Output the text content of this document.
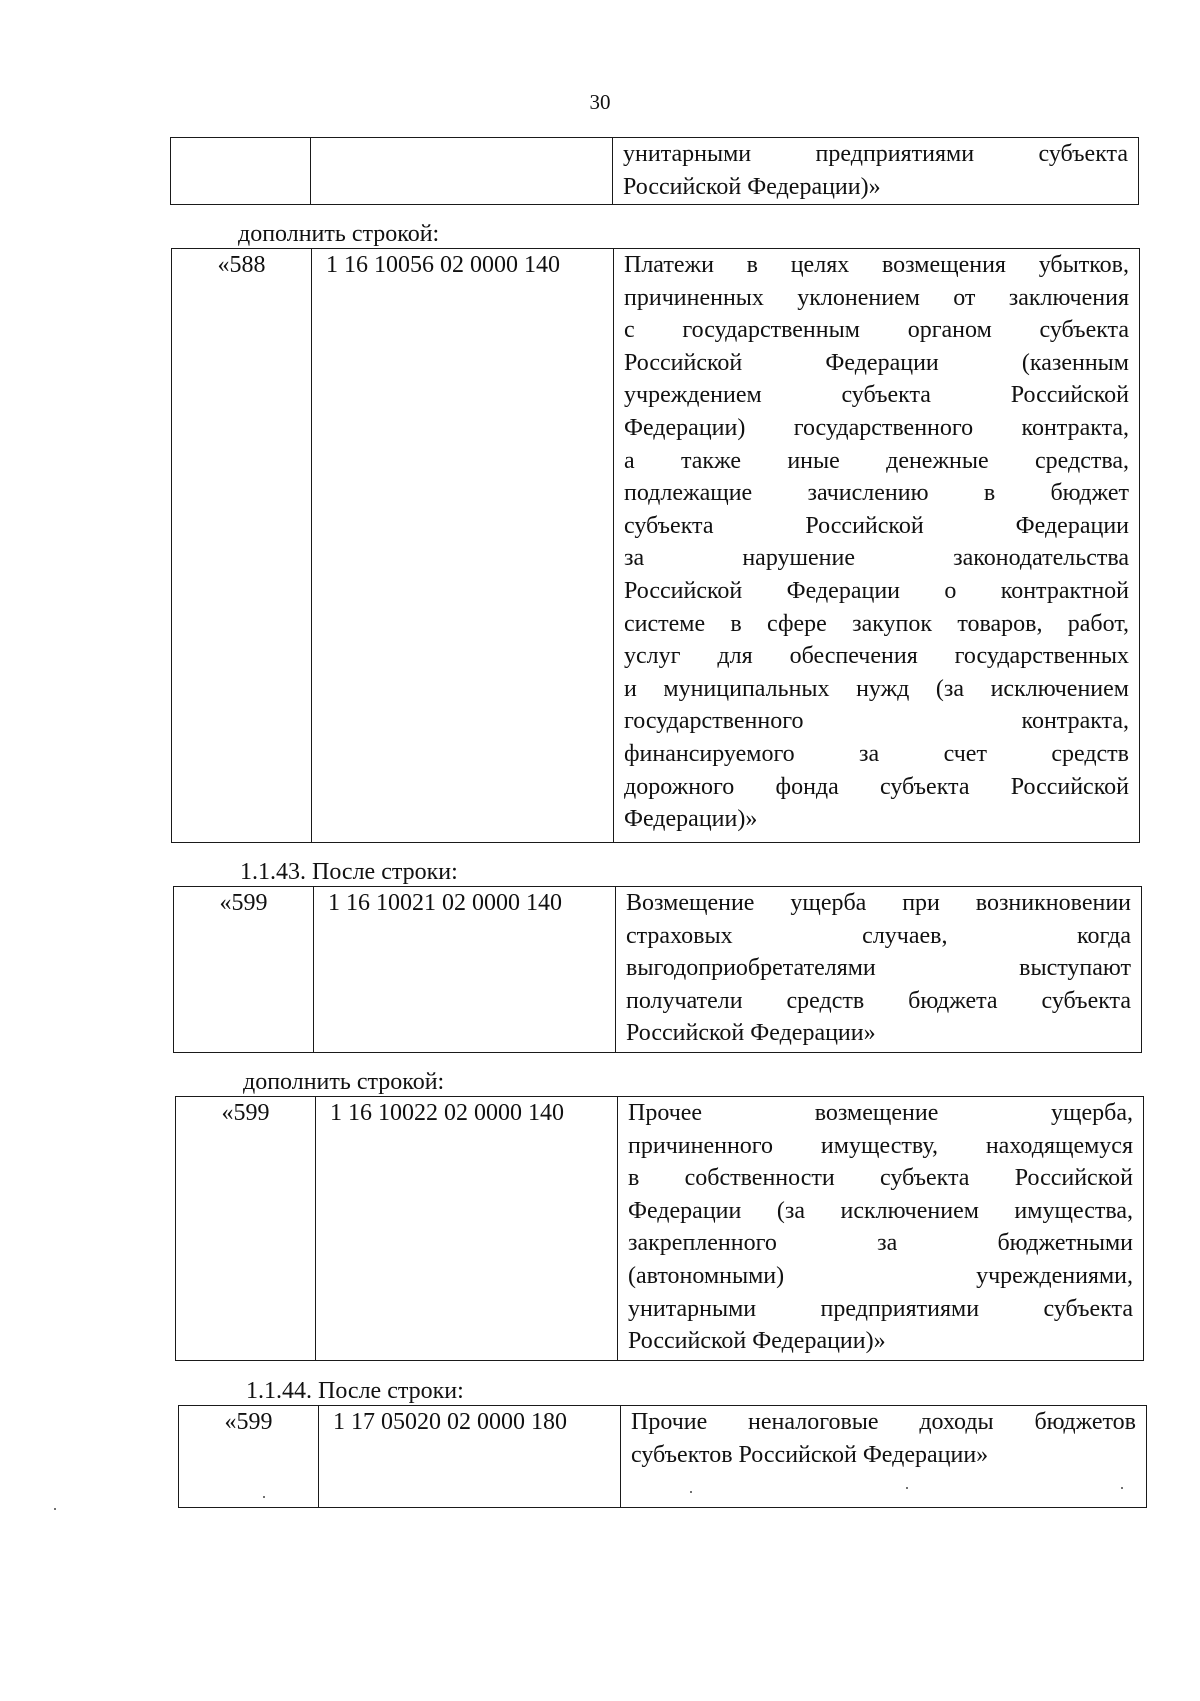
30

унитарными предприятиями субъекта
Российской Федерации)»
дополнить строкой:
«588	1 16 10056 02 0000 140	Платежи в целях возмещения убытков,
причиненных уклонением от заключения
с государственным органом субъекта
Российской Федерации (казенным
учреждением субъекта Российской
Федерации) государственного контракта,
а также иные денежные средства,
подлежащие зачислению в бюджет
субъекта Российской Федерации
за нарушение законодательства
Российской Федерации о контрактной
системе в сфере закупок товаров, работ,
услуг для обеспечения государственных
и муниципальных нужд (за исключением
государственного контракта,
финансируемого за счет средств
дорожного фонда субъекта Российской
Федерации)»
1.1.43. После строки:
«599	1 16 10021 02 0000 140	Возмещение ущерба при возникновении
страховых случаев, когда
выгодоприобретателями выступают
получатели средств бюджета субъекта
Российской Федерации»
дополнить строкой:
«599	1 16 10022 02 0000 140	Прочее возмещение ущерба,
причиненного имуществу, находящемуся
в собственности субъекта Российской
Федерации (за исключением имущества,
закрепленного за бюджетными
(автономными) учреждениями,
унитарными предприятиями субъекта
Российской Федерации)»
1.1.44. После строки:
«599	1 17 05020 02 0000 180	Прочие неналоговые доходы бюджетов
субъектов Российской Федерации»
